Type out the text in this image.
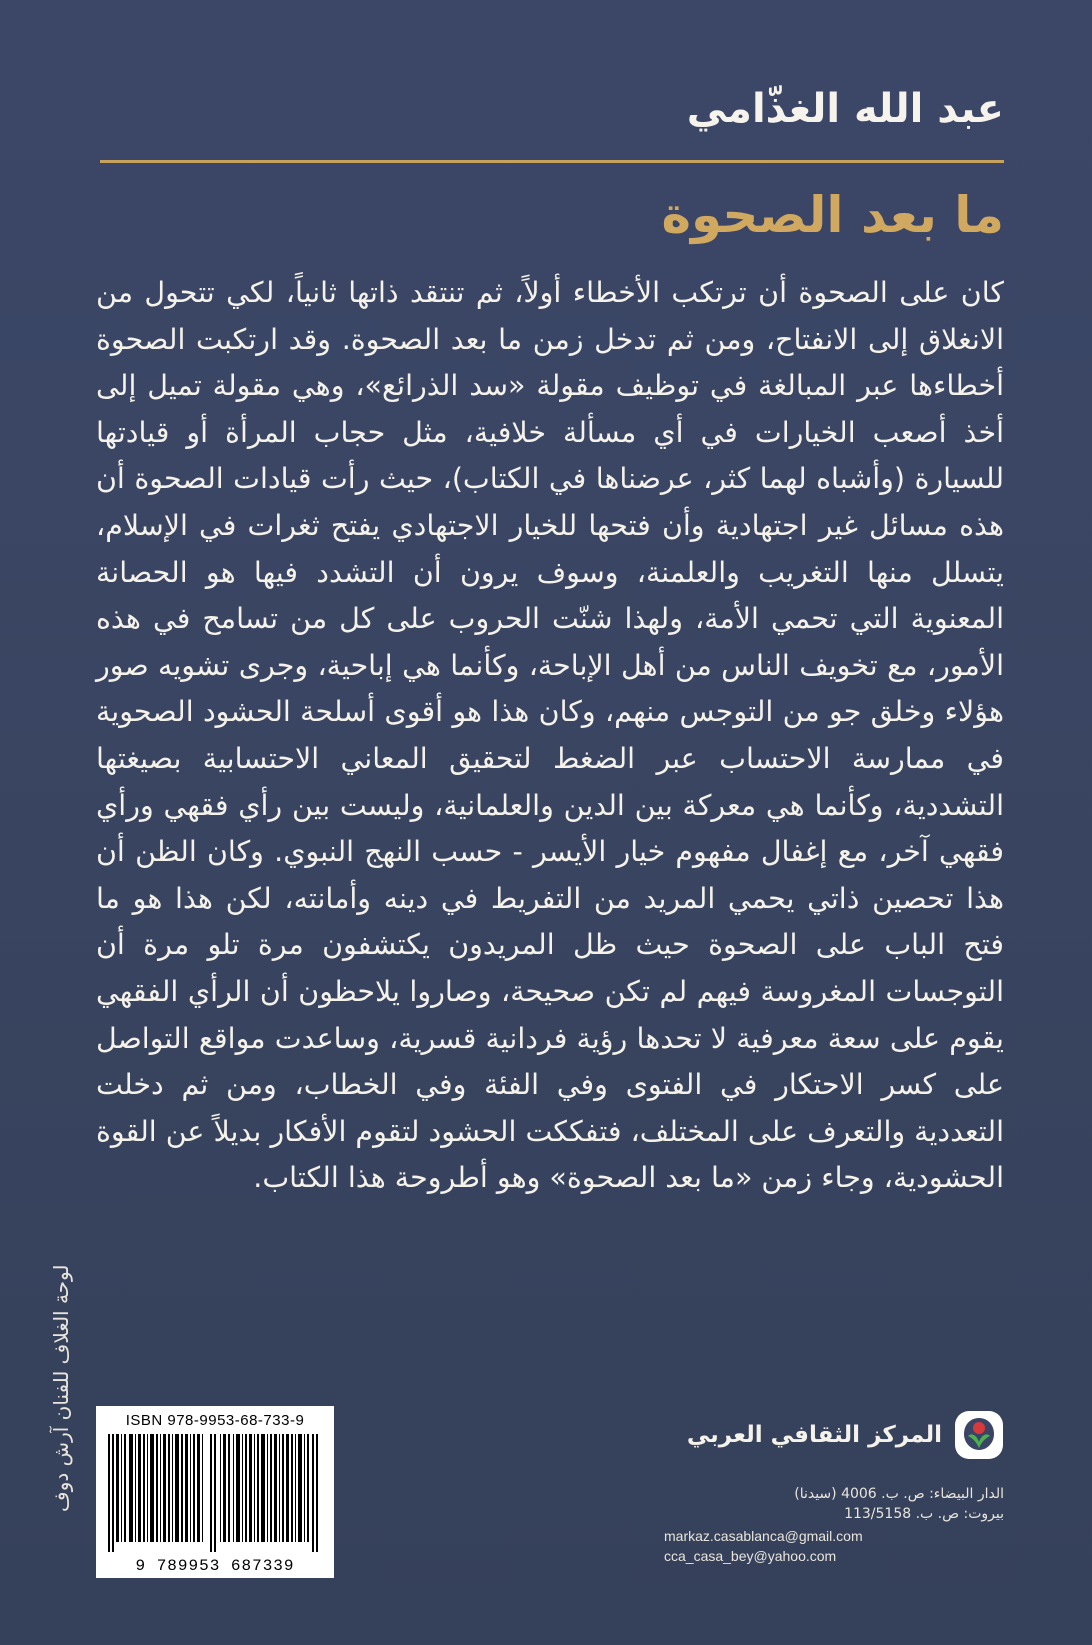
عبد الله الغذّامي
ما بعد الصحوة

كان على الصحوة أن ترتكب الأخطاء أولاً، ثم تنتقد ذاتها ثانياً، لكي تتحول من الانغلاق إلى الانفتاح، ومن ثم تدخل زمن ما بعد الصحوة. وقد ارتكبت الصحوة أخطاءها عبر المبالغة في توظيف مقولة «سد الذرائع»، وهي مقولة تميل إلى أخذ أصعب الخيارات في أي مسألة خلافية، مثل حجاب المرأة أو قيادتها للسيارة (وأشباه لهما كثر، عرضناها في الكتاب)، حيث رأت قيادات الصحوة أن هذه مسائل غير اجتهادية وأن فتحها للخيار الاجتهادي يفتح ثغرات في الإسلام، يتسلل منها التغريب والعلمنة، وسوف يرون أن التشدد فيها هو الحصانة المعنوية التي تحمي الأمة، ولهذا شنّت الحروب على كل من تسامح في هذه الأمور، مع تخويف الناس من أهل الإباحة، وكأنما هي إباحية، وجرى تشويه صور هؤلاء وخلق جو من التوجس منهم، وكان هذا هو أقوى أسلحة الحشود الصحوية في ممارسة الاحتساب عبر الضغط لتحقيق المعاني الاحتسابية بصيغتها التشددية، وكأنما هي معركة بين الدين والعلمانية، وليست بين رأي فقهي ورأي فقهي آخر، مع إغفال مفهوم خيار الأيسر - حسب النهج النبوي. وكان الظن أن هذا تحصين ذاتي يحمي المريد من التفريط في دينه وأمانته، لكن هذا هو ما فتح الباب على الصحوة حيث ظل المريدون يكتشفون مرة تلو مرة أن التوجسات المغروسة فيهم لم تكن صحيحة، وصاروا يلاحظون أن الرأي الفقهي يقوم على سعة معرفية لا تحدها رؤية فردانية قسرية، وساعدت مواقع التواصل على كسر الاحتكار في الفتوى وفي الفئة وفي الخطاب، ومن ثم دخلت التعددية والتعرف على المختلف، فتفككت الحشود لتقوم الأفكار بديلاً عن القوة الحشودية، وجاء زمن «ما بعد الصحوة» وهو أطروحة هذا الكتاب.

لوحة الغلاف للفنان آرش دوف	ISBN 978-9953-68-733-9
9 789953 687339
المركز الثقافي العربي
الدار البيضاء: ص. ب. 4006 (سيدنا)
بيروت: ص. ب. 113/5158
markaz.casablanca@gmail.com
cca_casa_bey@yahoo.com
